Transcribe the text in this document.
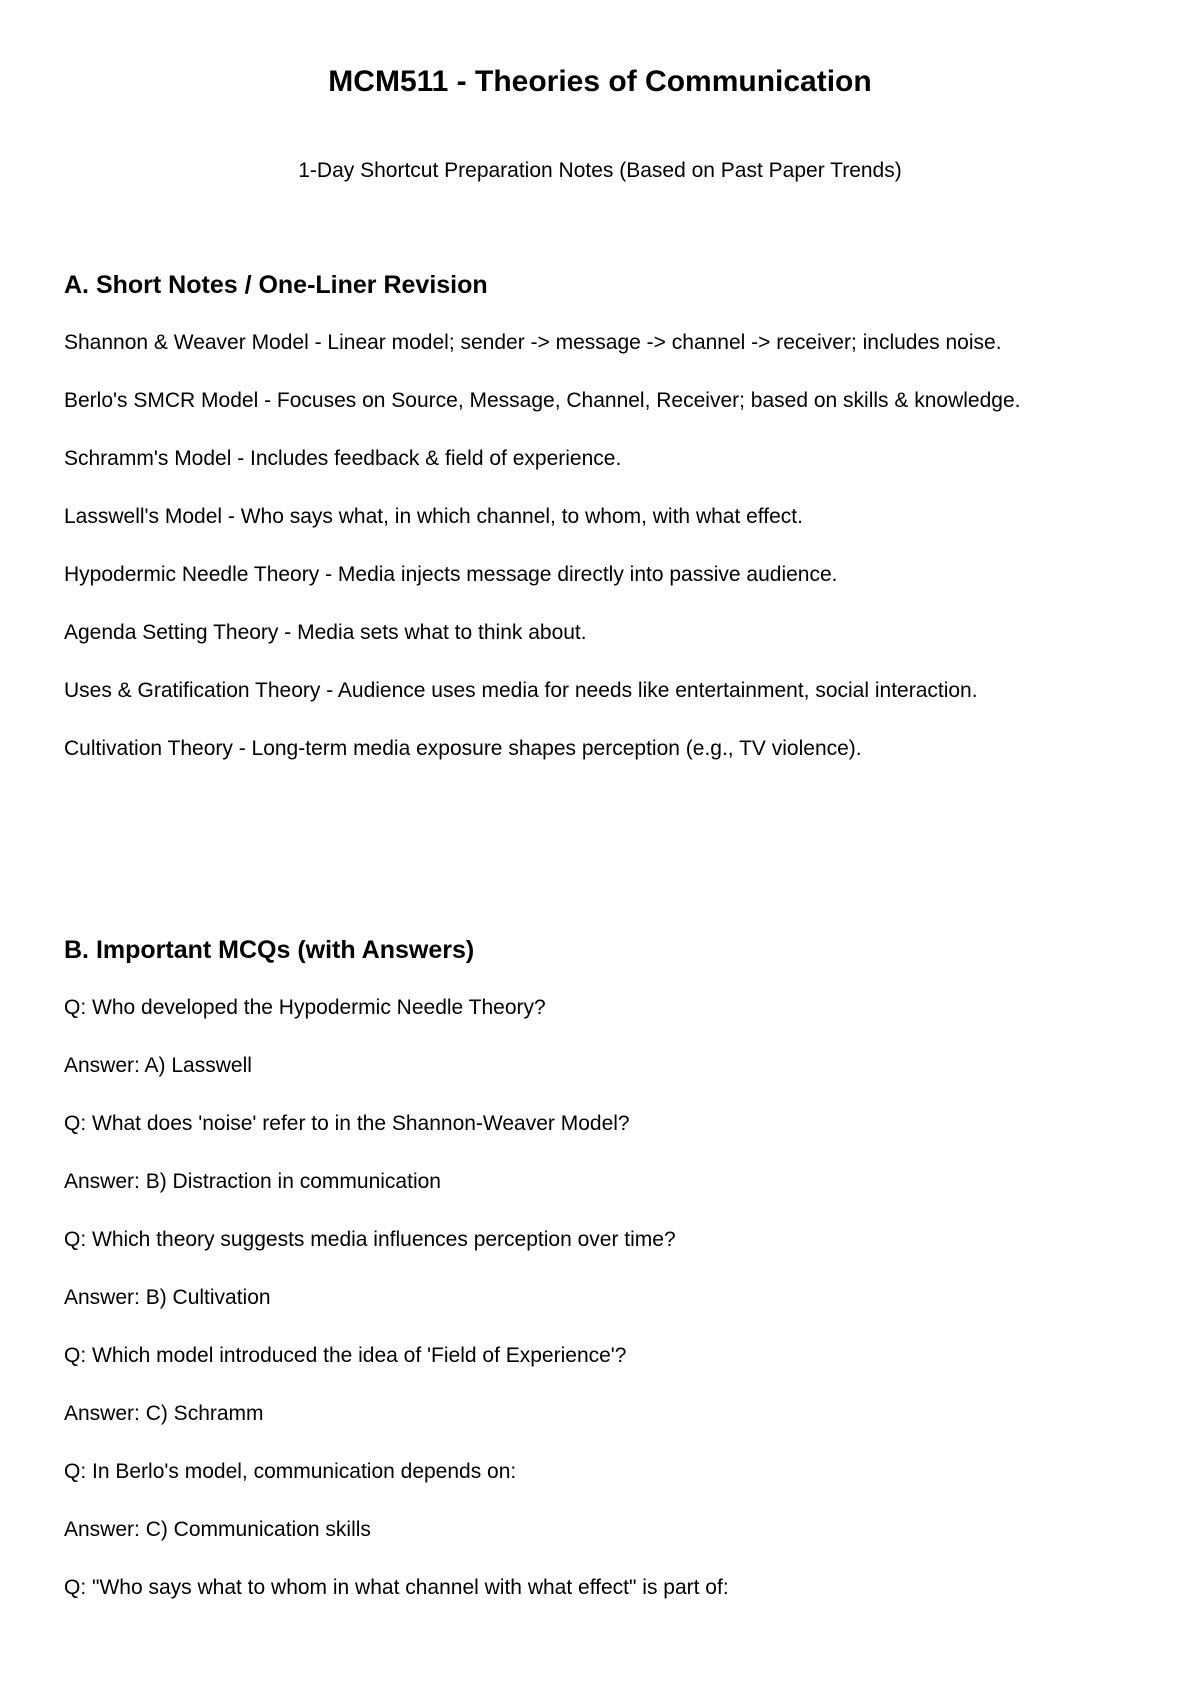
MCM511 - Theories of Communication

1-Day Shortcut Preparation Notes (Based on Past Paper Trends)

A. Short Notes / One-Liner Revision

Shannon & Weaver Model - Linear model; sender -> message -> channel -> receiver; includes noise.

Berlo's SMCR Model - Focuses on Source, Message, Channel, Receiver; based on skills & knowledge.

Schramm's Model - Includes feedback & field of experience.

Lasswell's Model - Who says what, in which channel, to whom, with what effect.

Hypodermic Needle Theory - Media injects message directly into passive audience.

Agenda Setting Theory - Media sets what to think about.

Uses & Gratification Theory - Audience uses media for needs like entertainment, social interaction.

Cultivation Theory - Long-term media exposure shapes perception (e.g., TV violence).

B. Important MCQs (with Answers)

Q: Who developed the Hypodermic Needle Theory?

Answer: A) Lasswell

Q: What does 'noise' refer to in the Shannon-Weaver Model?

Answer: B) Distraction in communication

Q: Which theory suggests media influences perception over time?

Answer: B) Cultivation

Q: Which model introduced the idea of 'Field of Experience'?

Answer: C) Schramm

Q: In Berlo's model, communication depends on:

Answer: C) Communication skills

Q: "Who says what to whom in what channel with what effect" is part of:
